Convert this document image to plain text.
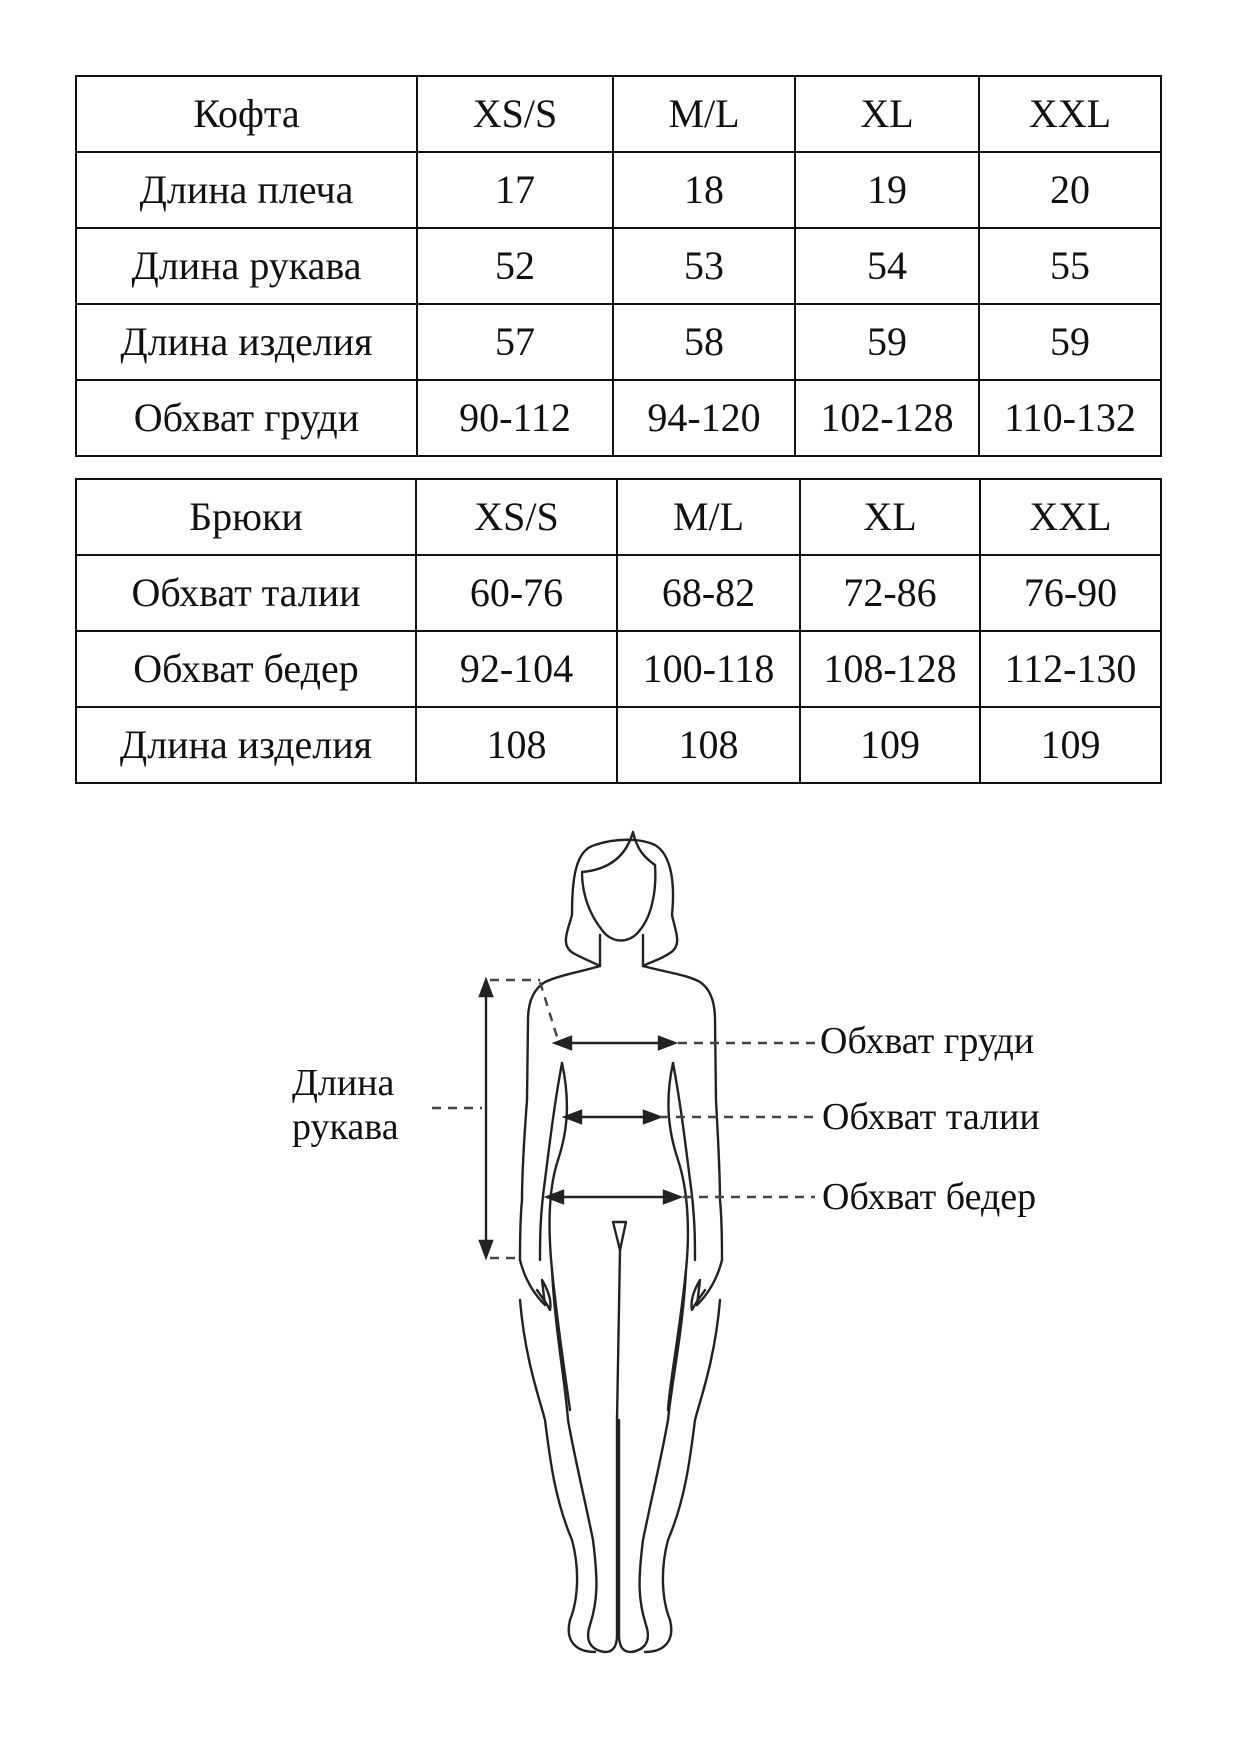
Кофта	XS/S	M/L	XL	XXL
Длина плеча	17	18	19	20
Длина рукава	52	53	54	55
Длина изделия	57	58	59	59
Обхват груди	90-112	94-120	102-128	110-132
Брюки	XS/S	M/L	XL	XXL
Обхват талии	60-76	68-82	72-86	76-90
Обхват бедер	92-104	100-118	108-128	112-130
Длина изделия	108	108	109	109
Длина
рукава
Обхват груди
Обхват талии
Обхват бедер
